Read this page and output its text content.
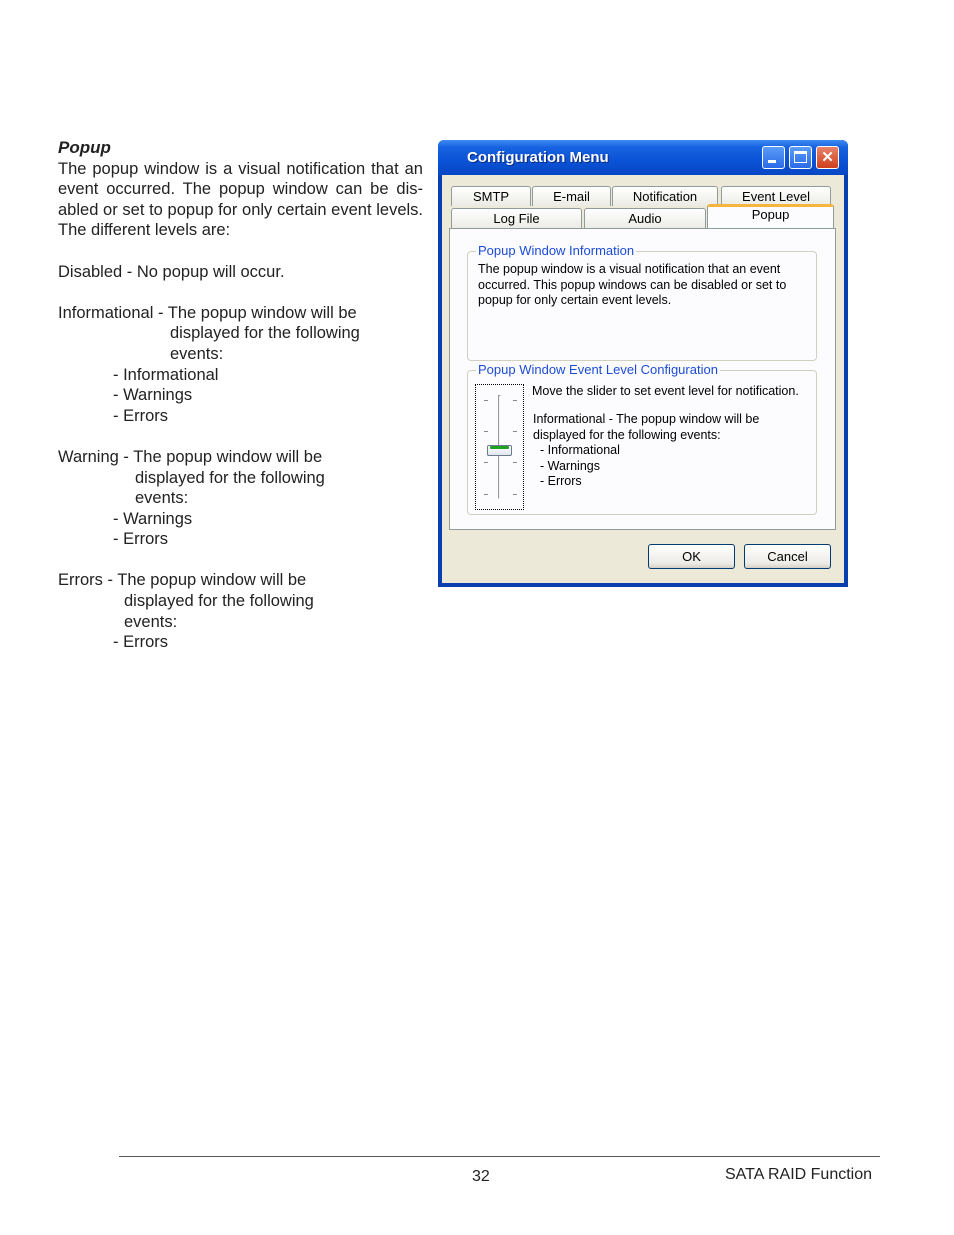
Popup

The popup window is a visual notification that an event occurred. The popup window can be dis-abled or set to popup for only certain event levels. The different levels are:

Disabled - No popup will occur.
Informational - The popup window will be
displayed for the following
events:
- Informational
- Warnings
- Errors
Warning - The popup window will be
displayed for the following
events:
- Warnings
- Errors
Errors - The popup window will be
displayed for the following
events:
- Errors
Configuration Menu	✕
SMTP	E-mail	Notification	Event Level
Log File	Audio	Popup
Popup Window Information
The popup window is a visual notification that an event
occurred. This popup windows can be disabled or set to
popup for only certain event levels.
Popup Window Event Level Configuration
Move the slider to set event level for notification.
Informational - The popup window will be
displayed for the following events:
- Informational
- Warnings
- Errors
OK	Cancel
32	SATA RAID Function
